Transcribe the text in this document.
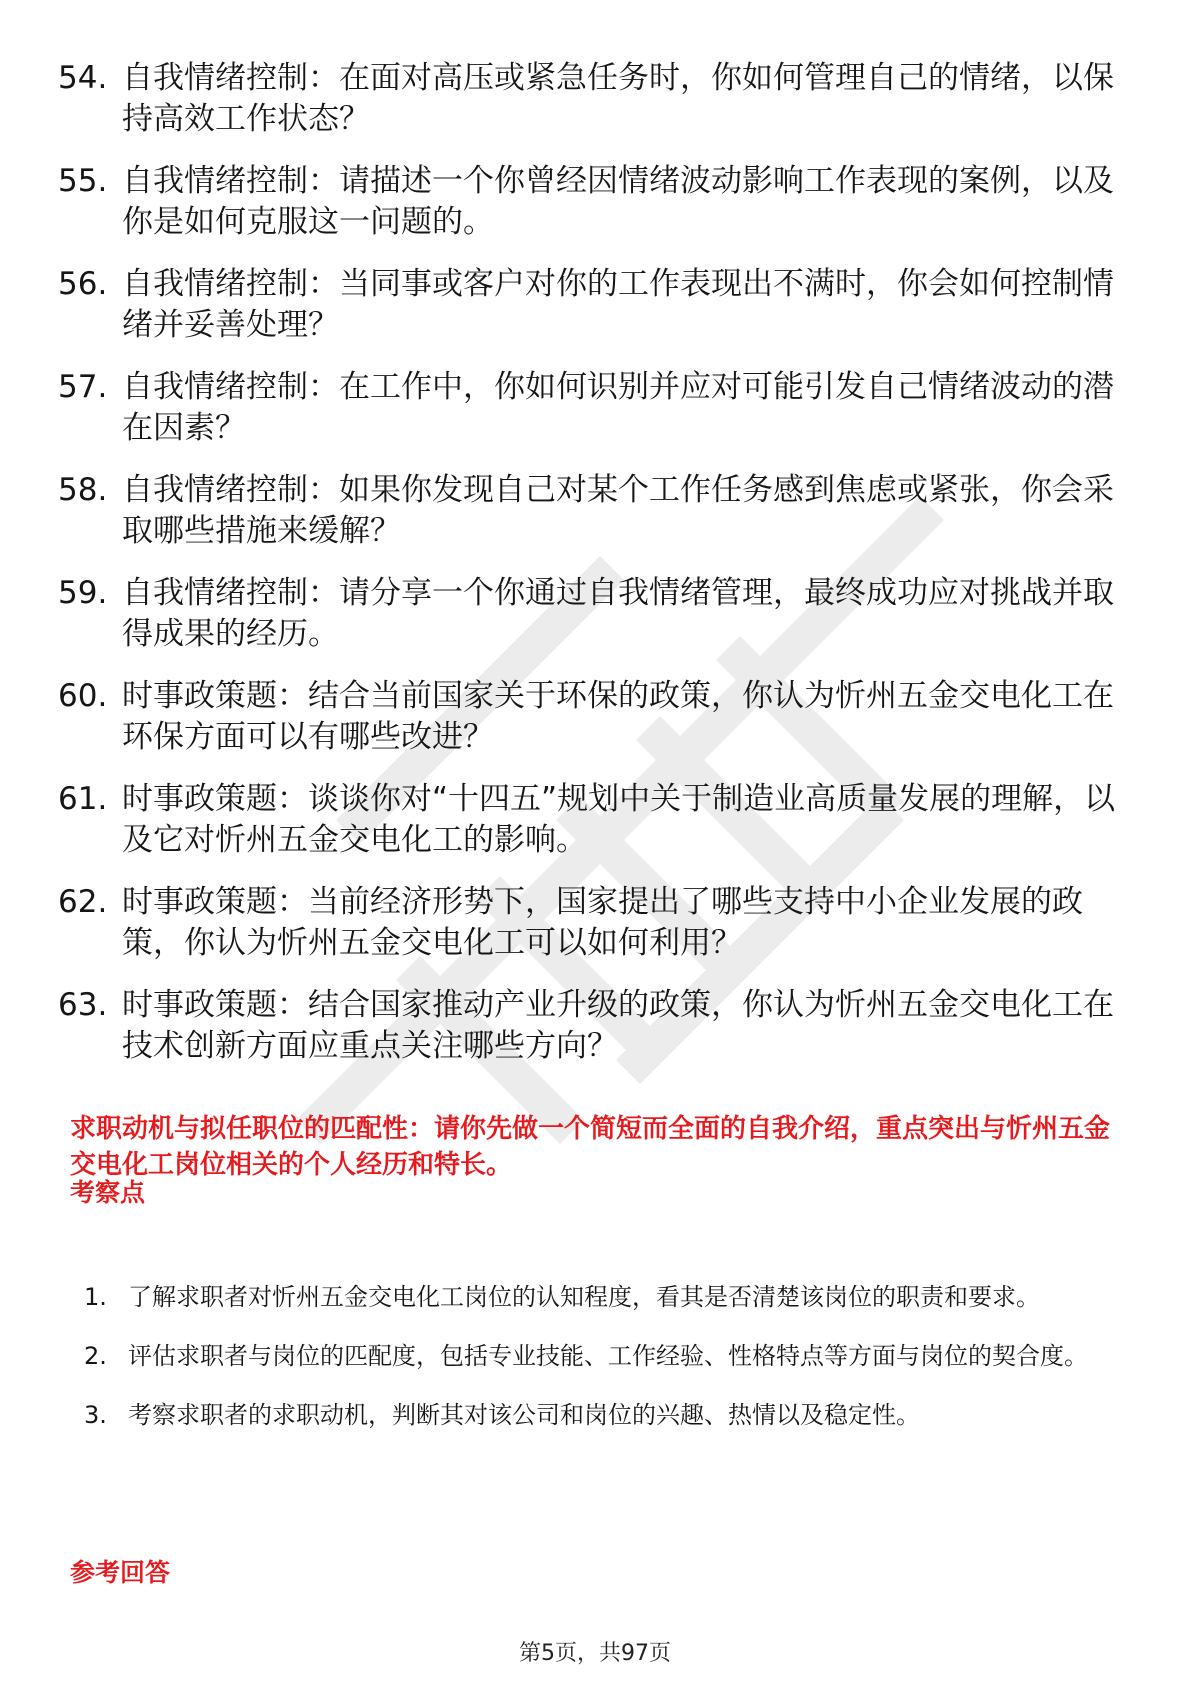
54. 自我情绪控制：在面对高压或紧急任务时，你如何管理自己的情绪，以保持高效工作状态？
55. 自我情绪控制：请描述一个你曾经因情绪波动影响工作表现的案例，以及你是如何克服这一问题的。
56. 自我情绪控制：当同事或客户对你的工作表现出不满时，你会如何控制情绪并妥善处理？
57. 自我情绪控制：在工作中，你如何识别并应对可能引发自己情绪波动的潜在因素？
58. 自我情绪控制：如果你发现自己对某个工作任务感到焦虑或紧张，你会采取哪些措施来缓解？
59. 自我情绪控制：请分享一个你通过自我情绪管理，最终成功应对挑战并取得成果的经历。
60. 时事政策题：结合当前国家关于环保的政策，你认为忻州五金交电化工在环保方面可以有哪些改进？
61. 时事政策题：谈谈你对“十四五”规划中关于制造业高质量发展的理解，以及它对忻州五金交电化工的影响。
62. 时事政策题：当前经济形势下，国家提出了哪些支持中小企业发展的政策，你认为忻州五金交电化工可以如何利用？
63. 时事政策题：结合国家推动产业升级的政策，你认为忻州五金交电化工在技术创新方面应重点关注哪些方向？
求职动机与拟任职位的匹配性：请你先做一个简短而全面的自我介绍，重点突出与忻州五金交电化工岗位相关的个人经历和特长。
考察点
1. 了解求职者对忻州五金交电化工岗位的认知程度，看其是否清楚该岗位的职责和要求。
2. 评估求职者与岗位的匹配度，包括专业技能、工作经验、性格特点等方面与岗位的契合度。
3. 考察求职者的求职动机，判断其对该公司和岗位的兴趣、热情以及稳定性。
参考回答
第5页，共97页
